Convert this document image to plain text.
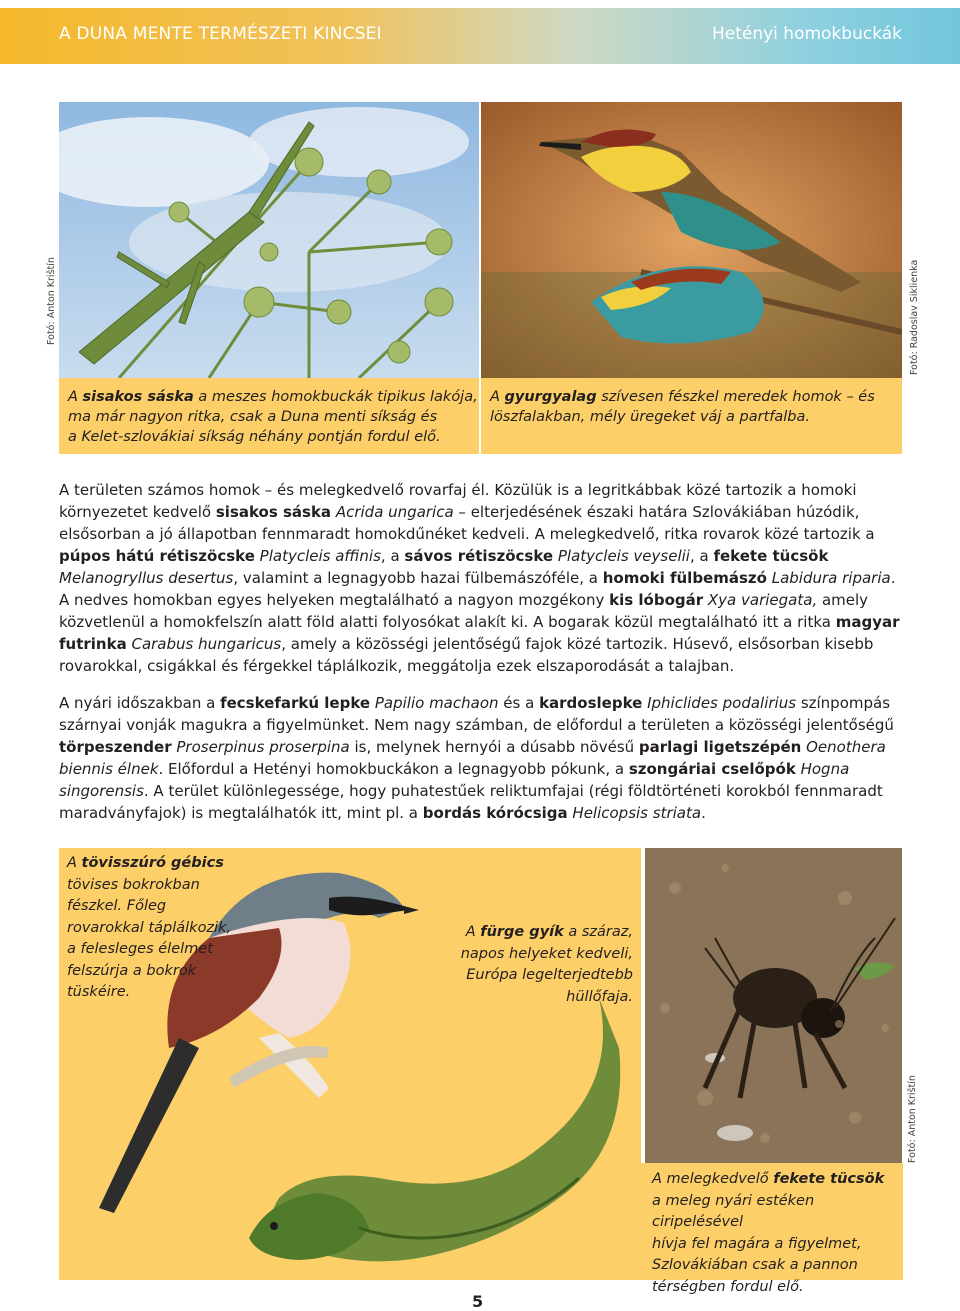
A DUNA MENTE TERMÉSZETI KINCSEI	Hetényi homokbuckák
Fotó: Anton Krištín	Fotó: Radoslav Siklienka
Fotó: Anton Krištín
A sisakos sáska a meszes homokbuckák tipikus lakója,
ma már nagyon ritka, csak a Duna menti síkság és
a Kelet-szlovákiai síkság néhány pontján fordul elő.
A gyurgyalag szívesen fészkel meredek homok – és
löszfalakban, mély üregeket váj a partfalba.

A területen számos homok – és melegkedvelő rovarfaj él. Közülük is a legritkábbak közé tartozik a homoki környezetet kedvelő sisakos sáska Acrida ungarica – elterjedésének északi határa Szlovákiában húzódik, elsősorban a jó állapotban fennmaradt homokdűnéket kedveli. A melegkedvelő, ritka rovarok közé tartozik a púpos hátú rétiszöcske Platycleis affinis, a sávos rétiszöcske Platycleis veyselii, a fekete tücsök Melanogryllus desertus, valamint a legnagyobb hazai fülbemászóféle, a homoki fülbemászó Labidura riparia. A nedves homokban egyes helyeken megtalálható a nagyon mozgékony kis lóbogár Xya variegata, amely közvetlenül a homokfelszín alatt föld alatti folyosókat alakít ki. A bogarak közül megtalálható itt a ritka magyar futrinka Carabus hungaricus, amely a közösségi jelentőségű fajok közé tartozik. Húsevő, elsősorban kisebb rovarokkal, csigákkal és férgekkel táplálkozik, meggátolja ezek elszaporodását a talajban.

A nyári időszakban a fecskefarkú lepke Papilio machaon és a kardoslepke Iphiclides podalirius színpompás szárnyai vonják magukra a figyelmünket. Nem nagy számban, de előfordul a területen a közösségi jelentőségű törpeszender Proserpinus proserpina is, melynek hernyói a dúsabb növésű parlagi ligetszépén Oenothera biennis élnek. Előfordul a Hetényi homokbuckákon a legnagyobb pókunk, a szongáriai cselőpók Hogna singorensis. A terület különlegessége, hogy puhatestűek reliktumfajai (régi földtörténeti korokból fennmaradt maradványfajok) is megtalálhatók itt, mint pl. a bordás kórócsiga Helicopsis striata.

A tövisszúró gébics
tövises bokrokban
fészkel. Főleg
rovarokkal táplálkozik,
a felesleges élelmet
felszúrja a bokrok
tüskéire.
A fürge gyík a száraz,
napos helyeket kedveli,
Európa legelterjedtebb
hüllőfaja.
A melegkedvelő fekete tücsök
a meleg nyári estéken ciripelésével
hívja fel magára a figyelmet,
Szlovákiában csak a pannon
térségben fordul elő.
5
